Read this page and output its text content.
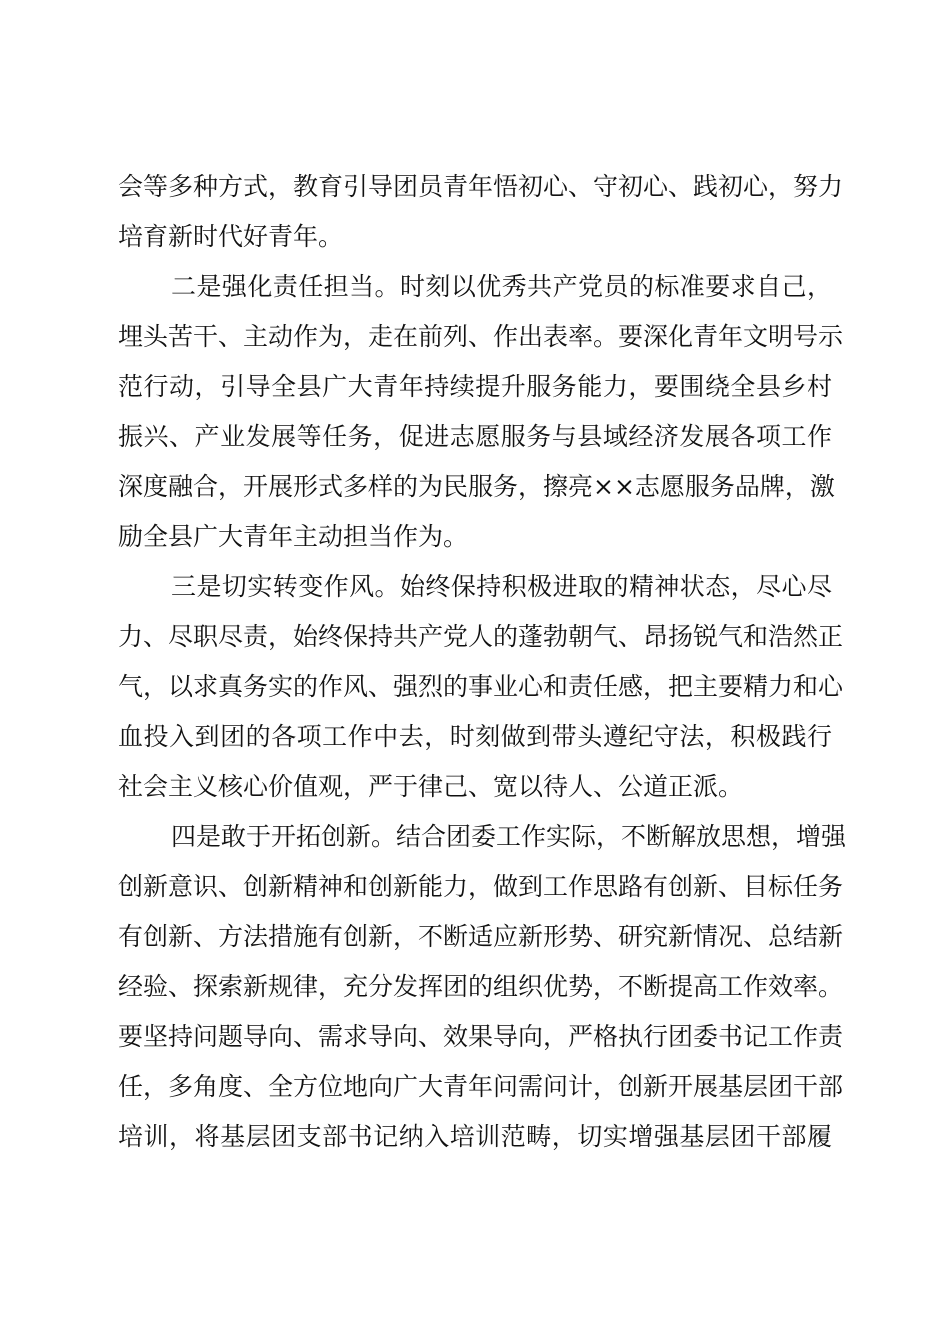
会等多种方式，教育引导团员青年悟初心、守初心、践初心，努力
培育新时代好青年。
二是强化责任担当。时刻以优秀共产党员的标准要求自己，
埋头苦干、主动作为，走在前列、作出表率。要深化青年文明号示
范行动，引导全县广大青年持续提升服务能力，要围绕全县乡村
振兴、产业发展等任务，促进志愿服务与县域经济发展各项工作
深度融合，开展形式多样的为民服务，擦亮××志愿服务品牌，激
励全县广大青年主动担当作为。
三是切实转变作风。始终保持积极进取的精神状态，尽心尽
力、尽职尽责，始终保持共产党人的蓬勃朝气、昂扬锐气和浩然正
气，以求真务实的作风、强烈的事业心和责任感，把主要精力和心
血投入到团的各项工作中去，时刻做到带头遵纪守法，积极践行
社会主义核心价值观，严于律己、宽以待人、公道正派。
四是敢于开拓创新。结合团委工作实际，不断解放思想，增强
创新意识、创新精神和创新能力，做到工作思路有创新、目标任务
有创新、方法措施有创新，不断适应新形势、研究新情况、总结新
经验、探索新规律，充分发挥团的组织优势，不断提高工作效率。
要坚持问题导向、需求导向、效果导向，严格执行团委书记工作责
任，多角度、全方位地向广大青年问需问计，创新开展基层团干部
培训，将基层团支部书记纳入培训范畴，切实增强基层团干部履
